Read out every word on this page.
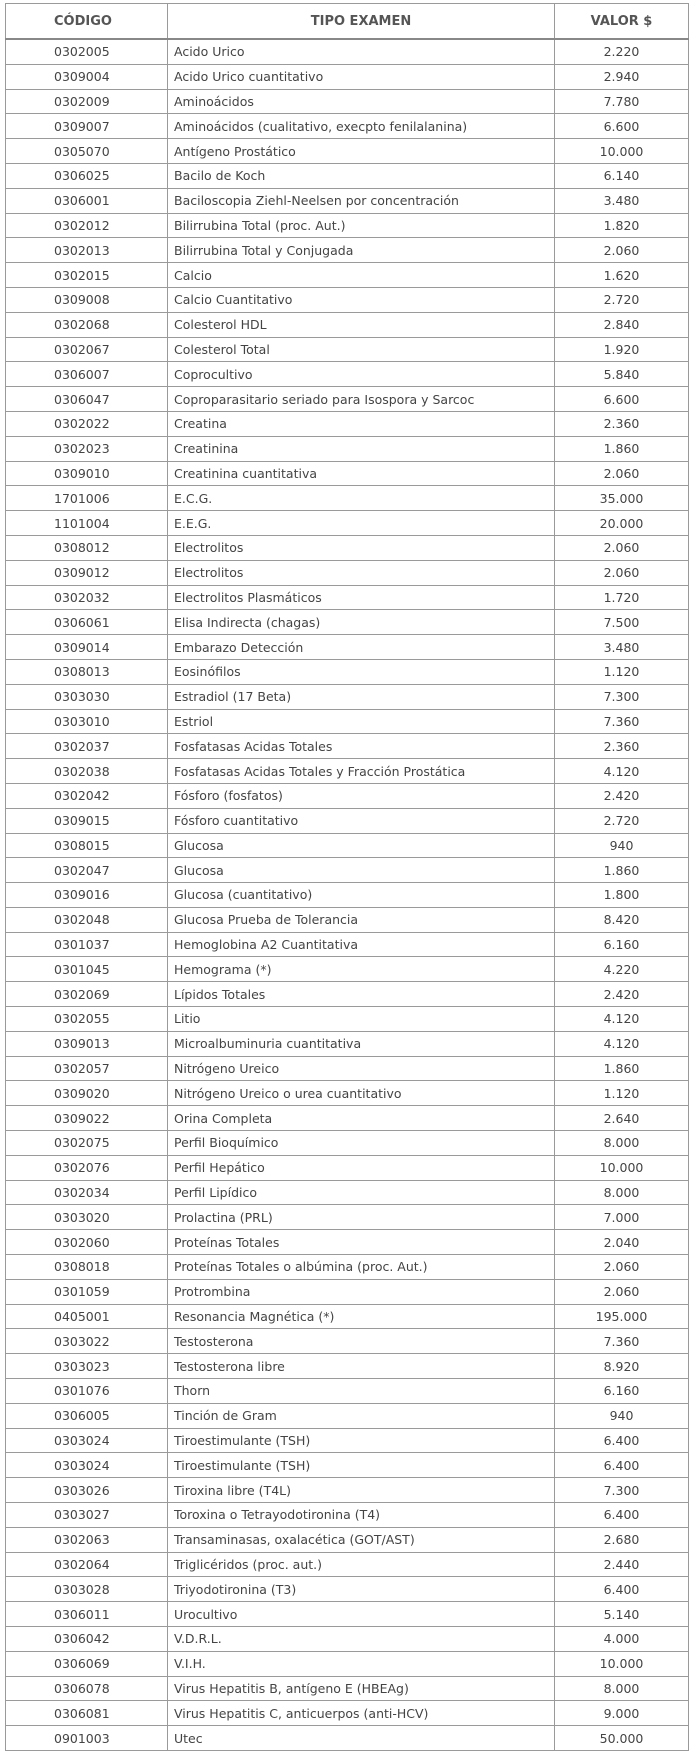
CÓDIGO	TIPO EXAMEN	VALOR $
0302005	Acido Urico	2.220
0309004	Acido Urico cuantitativo	2.940
0302009	Aminoácidos	7.780
0309007	Aminoácidos (cualitativo, execpto fenilalanina)	6.600
0305070	Antígeno Prostático	10.000
0306025	Bacilo de Koch	6.140
0306001	Baciloscopia Ziehl-Neelsen por concentración	3.480
0302012	Bilirrubina Total (proc. Aut.)	1.820
0302013	Bilirrubina Total y Conjugada	2.060
0302015	Calcio	1.620
0309008	Calcio Cuantitativo	2.720
0302068	Colesterol HDL	2.840
0302067	Colesterol Total	1.920
0306007	Coprocultivo	5.840
0306047	Coproparasitario seriado para Isospora y Sarcoc	6.600
0302022	Creatina	2.360
0302023	Creatinina	1.860
0309010	Creatinina cuantitativa	2.060
1701006	E.C.G.	35.000
1101004	E.E.G.	20.000
0308012	Electrolitos	2.060
0309012	Electrolitos	2.060
0302032	Electrolitos Plasmáticos	1.720
0306061	Elisa Indirecta (chagas)	7.500
0309014	Embarazo Detección	3.480
0308013	Eosinófilos	1.120
0303030	Estradiol (17 Beta)	7.300
0303010	Estriol	7.360
0302037	Fosfatasas Acidas Totales	2.360
0302038	Fosfatasas Acidas Totales y Fracción Prostática	4.120
0302042	Fósforo (fosfatos)	2.420
0309015	Fósforo cuantitativo	2.720
0308015	Glucosa	940
0302047	Glucosa	1.860
0309016	Glucosa (cuantitativo)	1.800
0302048	Glucosa Prueba de Tolerancia	8.420
0301037	Hemoglobina A2 Cuantitativa	6.160
0301045	Hemograma (*)	4.220
0302069	Lípidos Totales	2.420
0302055	Litio	4.120
0309013	Microalbuminuria cuantitativa	4.120
0302057	Nitrógeno Ureico	1.860
0309020	Nitrógeno Ureico o urea cuantitativo	1.120
0309022	Orina Completa	2.640
0302075	Perfil Bioquímico	8.000
0302076	Perfil Hepático	10.000
0302034	Perfil Lipídico	8.000
0303020	Prolactina (PRL)	7.000
0302060	Proteínas Totales	2.040
0308018	Proteínas Totales o albúmina (proc. Aut.)	2.060
0301059	Protrombina	2.060
0405001	Resonancia Magnética (*)	195.000
0303022	Testosterona	7.360
0303023	Testosterona libre	8.920
0301076	Thorn	6.160
0306005	Tinción de Gram	940
0303024	Tiroestimulante (TSH)	6.400
0303024	Tiroestimulante (TSH)	6.400
0303026	Tiroxina libre (T4L)	7.300
0303027	Toroxina o Tetrayodotironina (T4)	6.400
0302063	Transaminasas, oxalacética (GOT/AST)	2.680
0302064	Triglicéridos (proc. aut.)	2.440
0303028	Triyodotironina (T3)	6.400
0306011	Urocultivo	5.140
0306042	V.D.R.L.	4.000
0306069	V.I.H.	10.000
0306078	Virus Hepatitis B, antígeno E (HBEAg)	8.000
0306081	Virus Hepatitis C, anticuerpos (anti-HCV)	9.000
0901003	Utec	50.000
